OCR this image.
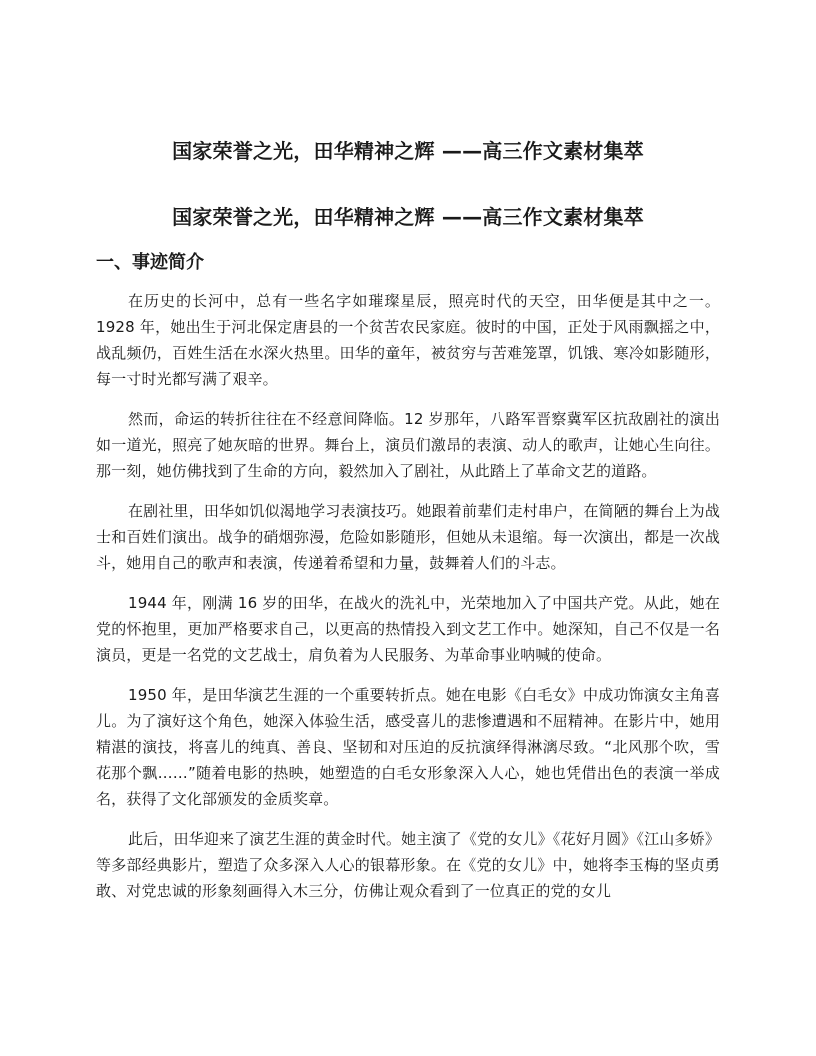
国家荣誉之光，田华精神之辉 ——高三作文素材集萃
国家荣誉之光，田华精神之辉 ——高三作文素材集萃
一、事迹简介

在历史的长河中，总有一些名字如璀璨星辰，照亮时代的天空，田华便是其中之一。1928 年，她出生于河北保定唐县的一个贫苦农民家庭。彼时的中国，正处于风雨飘摇之中，战乱频仍，百姓生活在水深火热里。田华的童年，被贫穷与苦难笼罩，饥饿、寒冷如影随形，每一寸时光都写满了艰辛。

然而，命运的转折往往在不经意间降临。12 岁那年，八路军晋察冀军区抗敌剧社的演出如一道光，照亮了她灰暗的世界。舞台上，演员们激昂的表演、动人的歌声，让她心生向往。那一刻，她仿佛找到了生命的方向，毅然加入了剧社，从此踏上了革命文艺的道路。

在剧社里，田华如饥似渴地学习表演技巧。她跟着前辈们走村串户，在简陋的舞台上为战士和百姓们演出。战争的硝烟弥漫，危险如影随形，但她从未退缩。每一次演出，都是一次战斗，她用自己的歌声和表演，传递着希望和力量，鼓舞着人们的斗志。

1944 年，刚满 16 岁的田华，在战火的洗礼中，光荣地加入了中国共产党。从此，她在党的怀抱里，更加严格要求自己，以更高的热情投入到文艺工作中。她深知，自己不仅是一名演员，更是一名党的文艺战士，肩负着为人民服务、为革命事业呐喊的使命。

1950 年，是田华演艺生涯的一个重要转折点。她在电影《白毛女》中成功饰演女主角喜儿。为了演好这个角色，她深入体验生活，感受喜儿的悲惨遭遇和不屈精神。在影片中，她用精湛的演技，将喜儿的纯真、善良、坚韧和对压迫的反抗演绎得淋漓尽致。“北风那个吹，雪花那个飘……”随着电影的热映，她塑造的白毛女形象深入人心，她也凭借出色的表演一举成名，获得了文化部颁发的金质奖章。

此后，田华迎来了演艺生涯的黄金时代。她主演了《党的女儿》《花好月圆》《江山多娇》等多部经典影片，塑造了众多深入人心的银幕形象。在《党的女儿》中，她将李玉梅的坚贞勇敢、对党忠诚的形象刻画得入木三分，仿佛让观众看到了一位真正的党的女儿
